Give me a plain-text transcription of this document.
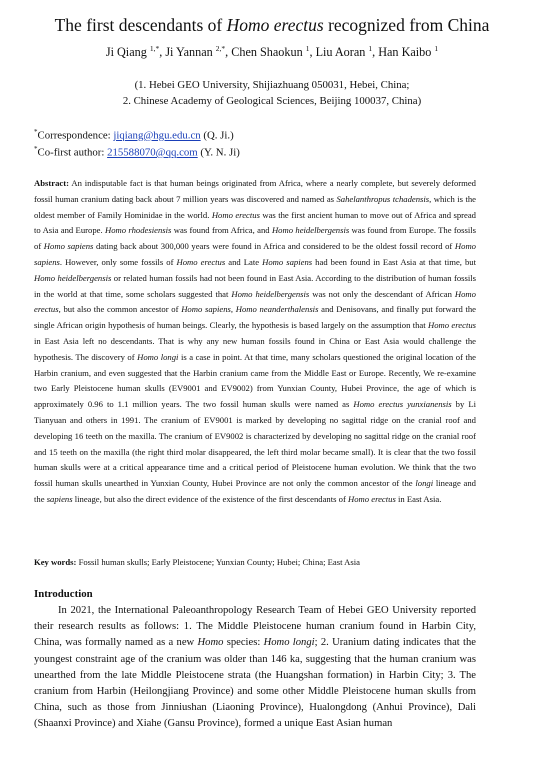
The first descendants of Homo erectus recognized from China
Ji Qiang $^{1,*}$, Ji Yannan $^{2,*}$, Chen Shaokun $^1$, Liu Aoran $^1$, Han Kaibo $^1$
(1. Hebei GEO University, Shijiazhuang 050031, Hebei, China;
2. Chinese Academy of Geological Sciences, Beijing 100037, China)
*Correspondence: jiqiang@hgu.edu.cn (Q. Ji.)
*Co-first author: 215588070@qq.com (Y. N. Ji)

Abstract: An indisputable fact is that human beings originated from Africa, where a nearly complete, but severely deformed fossil human cranium dating back about 7 million years was discovered and named as Sahelanthropus tchadensis, which is the oldest member of Family Hominidae in the world. Homo erectus was the first ancient human to move out of Africa and spread to Asia and Europe. Homo rhodesiensis was found from Africa, and Homo heidelbergensis was found from Europe. The fossils of Homo sapiens dating back about 300,000 years were found in Africa and considered to be the oldest fossil record of Homo sapiens. However, only some fossils of Homo erectus and Late Homo sapiens had been found in East Asia at that time, but Homo heidelbergensis or related human fossils had not been found in East Asia. According to the distribution of human fossils in the world at that time, some scholars suggested that Homo heidelbergensis was not only the descendant of African Homo erectus, but also the common ancestor of Homo sapiens, Homo neanderthalensis and Denisovans, and finally put forward the single African origin hypothesis of human beings. Clearly, the hypothesis is based largely on the assumption that Homo erectus in East Asia left no descendants. That is why any new human fossils found in China or East Asia would challenge the hypothesis. The discovery of Homo longi is a case in point. At that time, many scholars questioned the original location of the Harbin cranium, and even suggested that the Harbin cranium came from the Middle East or Europe. Recently, We re-examine two Early Pleistocene human skulls (EV9001 and EV9002) from Yunxian County, Hubei Province, the age of which is approximately 0.96 to 1.1 million years. The two fossil human skulls were named as Homo erectus yunxianensis by Li Tianyuan and others in 1991. The cranium of EV9001 is marked by developing no sagittal ridge on the cranial roof and developing 16 teeth on the maxilla. The cranium of EV9002 is characterized by developing no sagittal ridge on the cranial roof and 15 teeth on the maxilla (the right third molar disappeared, the left third molar became small). It is clear that the two fossil human skulls were at a critical appearance time and a critical period of Pleistocene human evolution. We think that the two fossil human skulls unearthed in Yunxian County, Hubei Province are not only the common ancestor of the longi lineage and the sapiens lineage, but also the direct evidence of the existence of the first descendants of Homo erectus in East Asia.

Key words: Fossil human skulls; Early Pleistocene; Yunxian County; Hubei; China; East Asia

Introduction

In 2021, the International Paleoanthropology Research Team of Hebei GEO University reported their research results as follows: 1. The Middle Pleistocene human cranium found in Harbin City, China, was formally named as a new Homo species: Homo longi; 2. Uranium dating indicates that the youngest constraint age of the cranium was older than 146 ka, suggesting that the human cranium was unearthed from the late Middle Pleistocene strata (the Huangshan formation) in Harbin City; 3. The cranium from Harbin (Heilongjiang Province) and some other Middle Pleistocene human skulls from China, such as those from Jinniushan (Liaoning Province), Hualongdong (Anhui Province), Dali (Shaanxi Province) and Xiahe (Gansu Province), formed a unique East Asian human
